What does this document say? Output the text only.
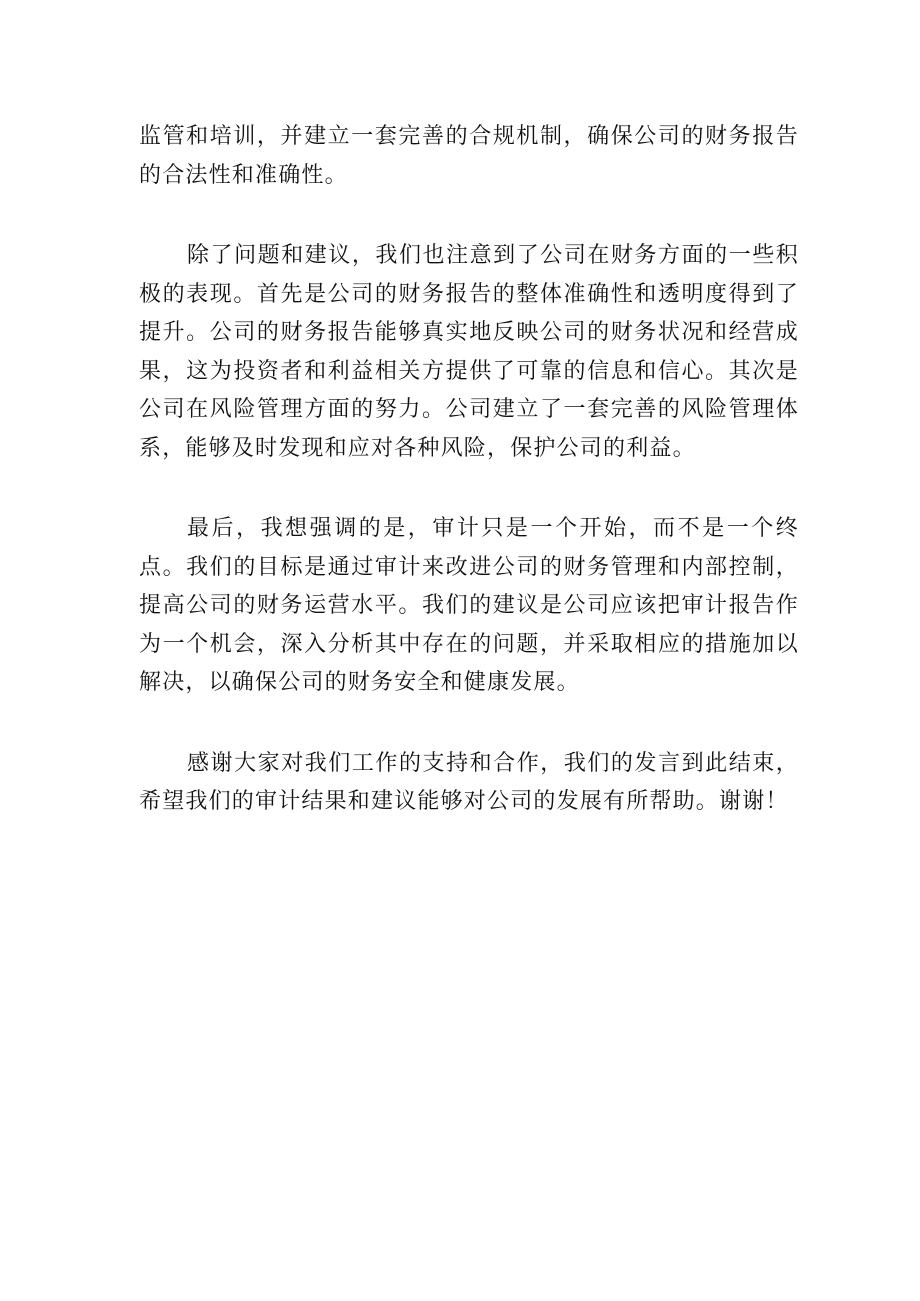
监管和培训，并建立一套完善的合规机制，确保公司的财务报告的合法性和准确性。

除了问题和建议，我们也注意到了公司在财务方面的一些积极的表现。首先是公司的财务报告的整体准确性和透明度得到了提升。公司的财务报告能够真实地反映公司的财务状况和经营成果，这为投资者和利益相关方提供了可靠的信息和信心。其次是公司在风险管理方面的努力。公司建立了一套完善的风险管理体系，能够及时发现和应对各种风险，保护公司的利益。

最后，我想强调的是，审计只是一个开始，而不是一个终点。我们的目标是通过审计来改进公司的财务管理和内部控制，提高公司的财务运营水平。我们的建议是公司应该把审计报告作为一个机会，深入分析其中存在的问题，并采取相应的措施加以解决，以确保公司的财务安全和健康发展。

感谢大家对我们工作的支持和合作，我们的发言到此结束，希望我们的审计结果和建议能够对公司的发展有所帮助。谢谢！
